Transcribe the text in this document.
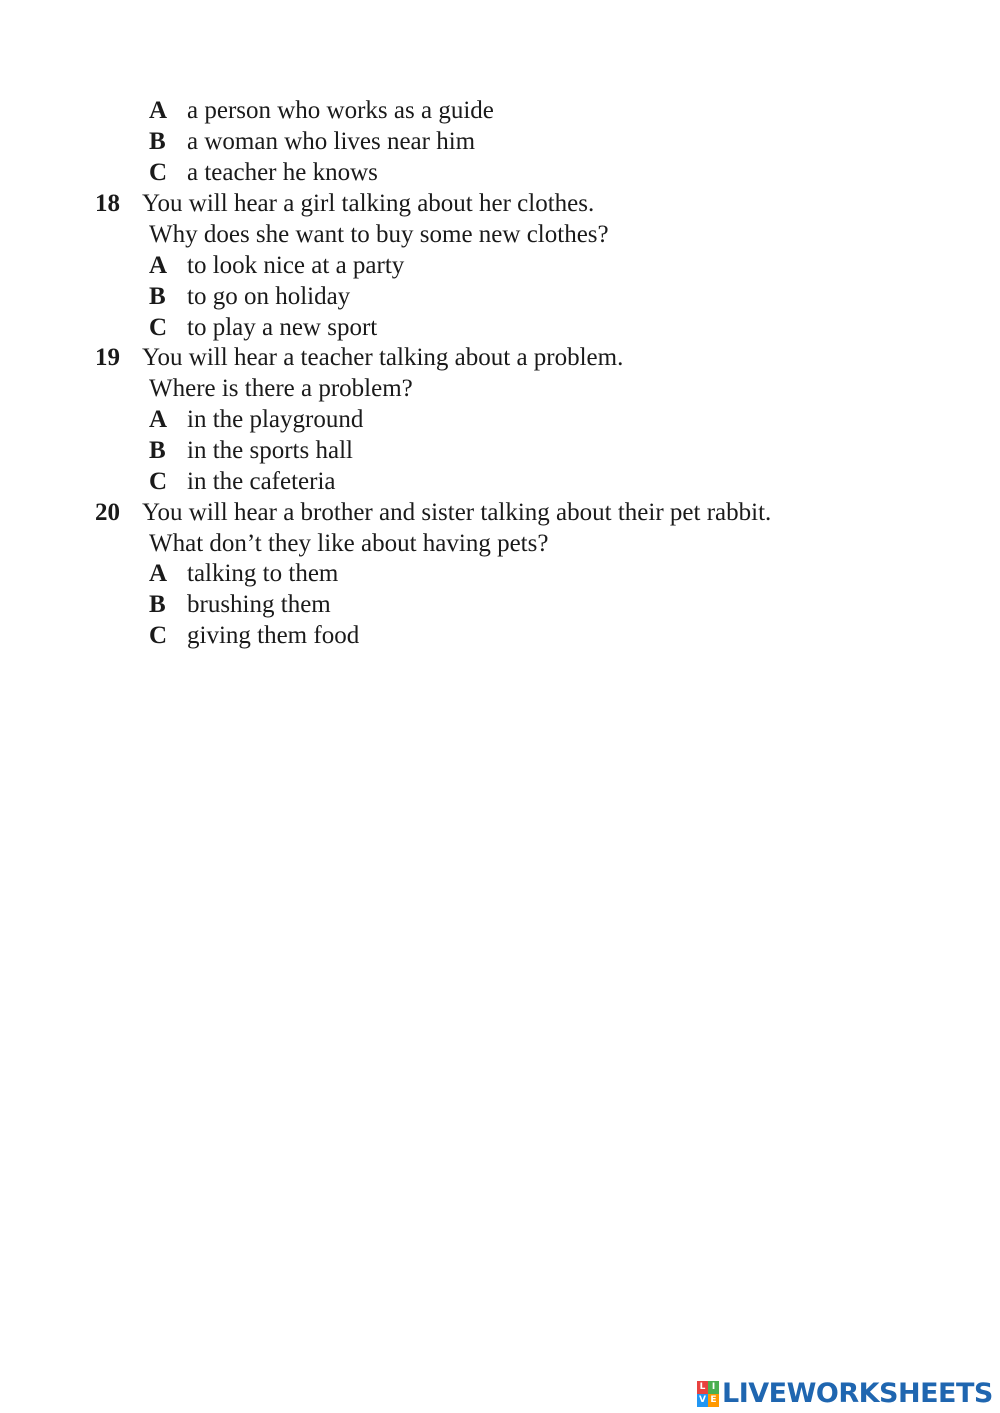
A a person who works as a guide
B a woman who lives near him
C a teacher he knows
18 You will hear a girl talking about her clothes.
Why does she want to buy some new clothes?
A to look nice at a party
B to go on holiday
C to play a new sport
19 You will hear a teacher talking about a problem.
Where is there a problem?
A in the playground
B in the sports hall
C in the cafeteria
20 You will hear a brother and sister talking about their pet rabbit.
What don’t they like about having pets?
A talking to them
B brushing them
C giving them food
L I
V E LIVEWORKSHEETS
